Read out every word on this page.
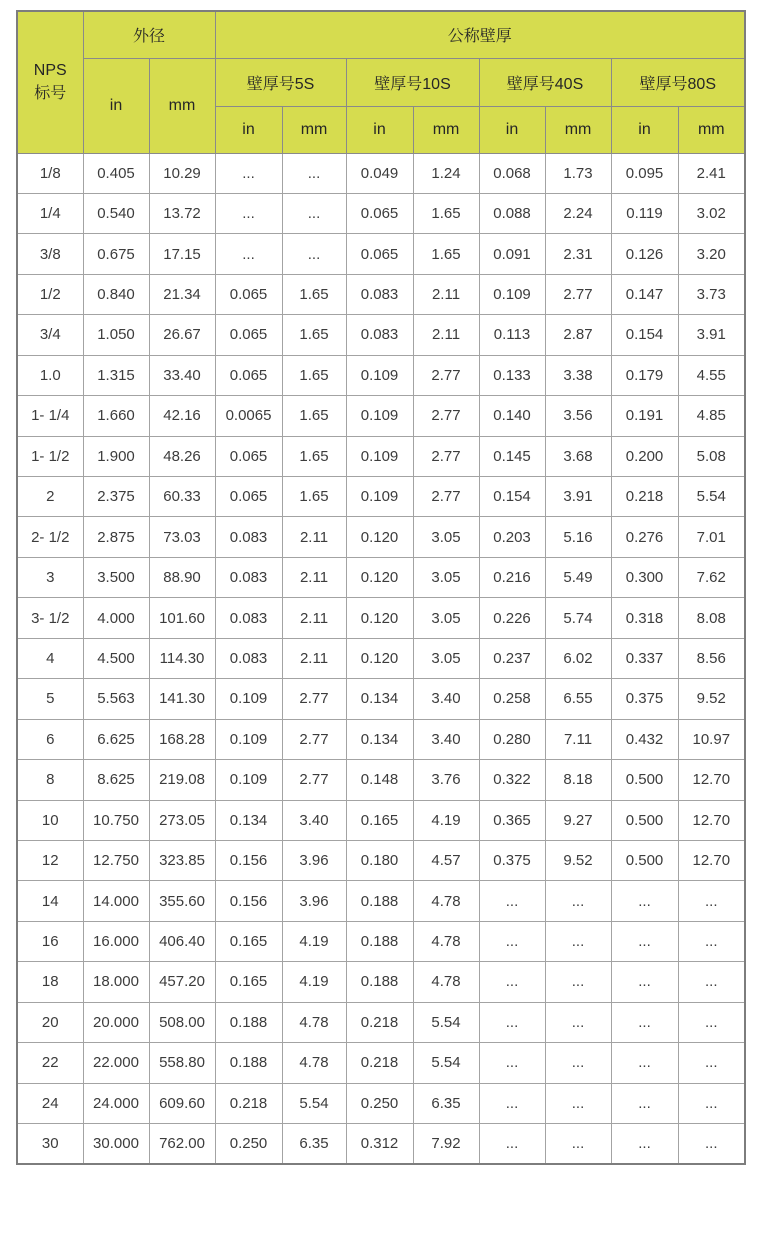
NPS
标号	外径		公称壁厚							
	in	mm	壁厚号5S		壁厚号10S		壁厚号40S		壁厚号80S	
			in	mm	in	mm	in	mm	in	mm
1/8	0.405	10.29	...	...	0.049	1.24	0.068	1.73	0.095	2.41
1/4	0.540	13.72	...	...	0.065	1.65	0.088	2.24	0.119	3.02
3/8	0.675	17.15	...	...	0.065	1.65	0.091	2.31	0.126	3.20
1/2	0.840	21.34	0.065	1.65	0.083	2.11	0.109	2.77	0.147	3.73
3/4	1.050	26.67	0.065	1.65	0.083	2.11	0.113	2.87	0.154	3.91
1.0	1.315	33.40	0.065	1.65	0.109	2.77	0.133	3.38	0.179	4.55
1- 1/4	1.660	42.16	0.0065	1.65	0.109	2.77	0.140	3.56	0.191	4.85
1- 1/2	1.900	48.26	0.065	1.65	0.109	2.77	0.145	3.68	0.200	5.08
2	2.375	60.33	0.065	1.65	0.109	2.77	0.154	3.91	0.218	5.54
2- 1/2	2.875	73.03	0.083	2.11	0.120	3.05	0.203	5.16	0.276	7.01
3	3.500	88.90	0.083	2.11	0.120	3.05	0.216	5.49	0.300	7.62
3- 1/2	4.000	101.60	0.083	2.11	0.120	3.05	0.226	5.74	0.318	8.08
4	4.500	114.30	0.083	2.11	0.120	3.05	0.237	6.02	0.337	8.56
5	5.563	141.30	0.109	2.77	0.134	3.40	0.258	6.55	0.375	9.52
6	6.625	168.28	0.109	2.77	0.134	3.40	0.280	7.11	0.432	10.97
8	8.625	219.08	0.109	2.77	0.148	3.76	0.322	8.18	0.500	12.70
10	10.750	273.05	0.134	3.40	0.165	4.19	0.365	9.27	0.500	12.70
12	12.750	323.85	0.156	3.96	0.180	4.57	0.375	9.52	0.500	12.70
14	14.000	355.60	0.156	3.96	0.188	4.78	...	...	...	...
16	16.000	406.40	0.165	4.19	0.188	4.78	...	...	...	...
18	18.000	457.20	0.165	4.19	0.188	4.78	...	...	...	...
20	20.000	508.00	0.188	4.78	0.218	5.54	...	...	...	...
22	22.000	558.80	0.188	4.78	0.218	5.54	...	...	...	...
24	24.000	609.60	0.218	5.54	0.250	6.35	...	...	...	...
30	30.000	762.00	0.250	6.35	0.312	7.92	...	...	...	...
